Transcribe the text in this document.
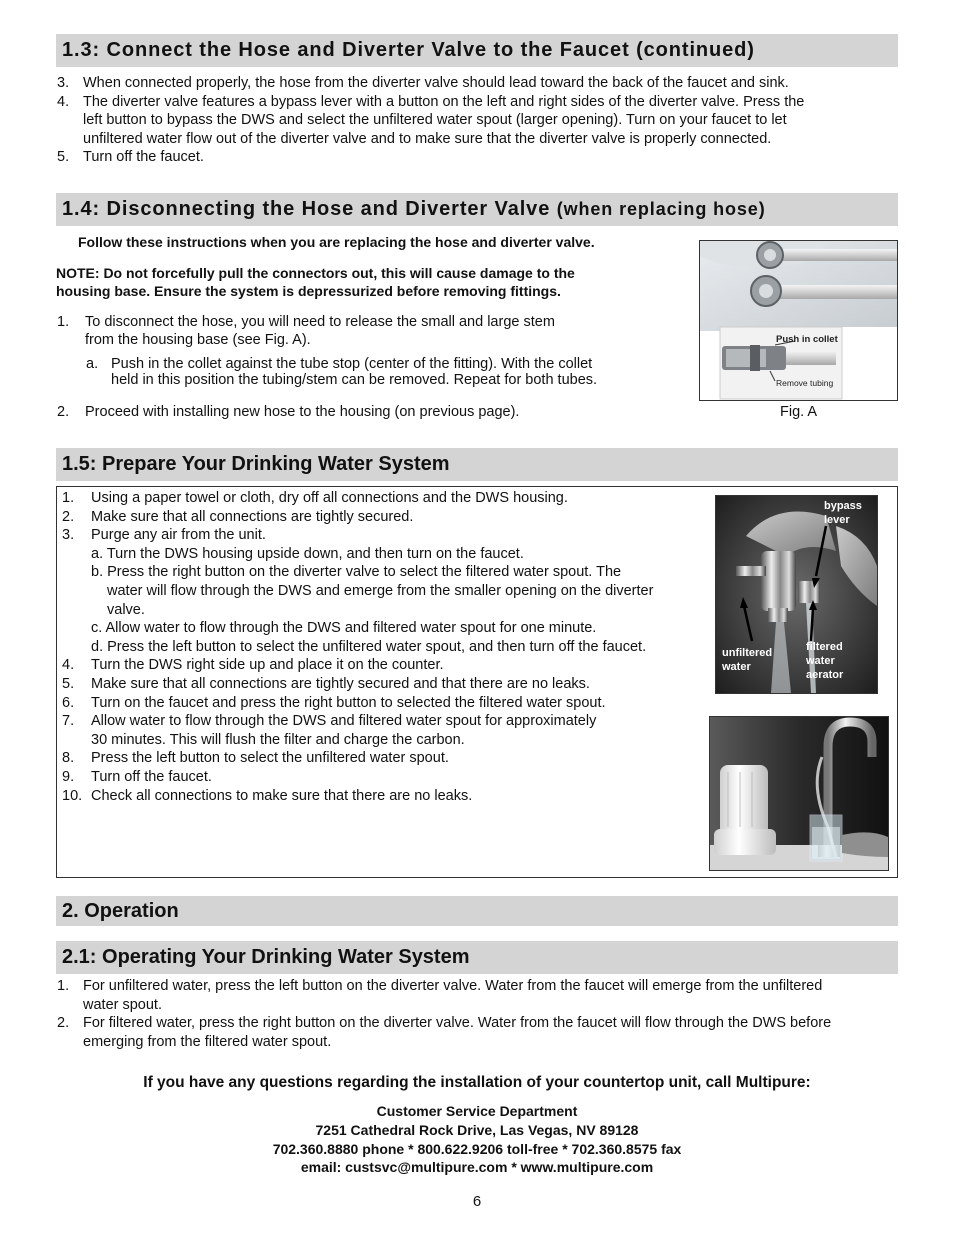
1.3: Connect the Hose and Diverter Valve to the Faucet (continued)
3. When connected properly, the hose from the diverter valve should lead toward the back of the faucet and sink.
4. The diverter valve features a bypass lever with a button on the left and right sides of the diverter valve. Press the
left button to bypass the DWS and select the unfiltered water spout (larger opening). Turn on your faucet to let
unfiltered water flow out of the diverter valve and to make sure that the diverter valve is properly connected.
5. Turn off the faucet.
1.4: Disconnecting the Hose and Diverter Valve (when replacing hose)
Follow these instructions when you are replacing the hose and diverter valve.
NOTE: Do not forcefully pull the connectors out, this will cause damage to the
housing base. Ensure the system is depressurized before removing fittings.
1. To disconnect the hose, you will need to release the small and large stem
from the housing base (see Fig. A).
a. Push in the collet against the tube stop (center of the fitting). With the collet
held in this position the tubing/stem can be removed. Repeat for both tubes.
2. Proceed with installing new hose to the housing (on previous page).
Push in collet
Remove tubing
Fig. A
1.5: Prepare Your Drinking Water System
1. Using a paper towel or cloth, dry off all connections and the DWS housing.
2. Make sure that all connections are tightly secured.
3. Purge any air from the unit.
a. Turn the DWS housing upside down, and then turn on the faucet.
b. Press the right button on the diverter valve to select the filtered water spout. The
water will flow through the DWS and emerge from the smaller opening on the diverter
valve.
c. Allow water to flow through the DWS and filtered water spout for one minute.
d. Press the left button to select the unfiltered water spout, and then turn off the faucet.
4. Turn the DWS right side up and place it on the counter.
5. Make sure that all connections are tightly secured and that there are no leaks.
6. Turn on the faucet and press the right button to selected the filtered water spout.
7. Allow water to flow through the DWS and filtered water spout for approximately
30 minutes. This will flush the filter and charge the carbon.
8. Press the left button to select the unfiltered water spout.
9. Turn off the faucet.
10. Check all connections to make sure that there are no leaks.
bypass
lever
unfiltered
water
filtered
water
aerator
2. Operation
2.1: Operating Your Drinking Water System
1. For unfiltered water, press the left button on the diverter valve. Water from the faucet will emerge from the unfiltered
water spout.
2. For filtered water, press the right button on the diverter valve. Water from the faucet will flow through the DWS before
emerging from the filtered water spout.
If you have any questions regarding the installation of your countertop unit, call Multipure:
Customer Service Department
7251 Cathedral Rock Drive, Las Vegas, NV 89128
702.360.8880 phone * 800.622.9206 toll-free * 702.360.8575 fax
email: custsvc@multipure.com * www.multipure.com
6
